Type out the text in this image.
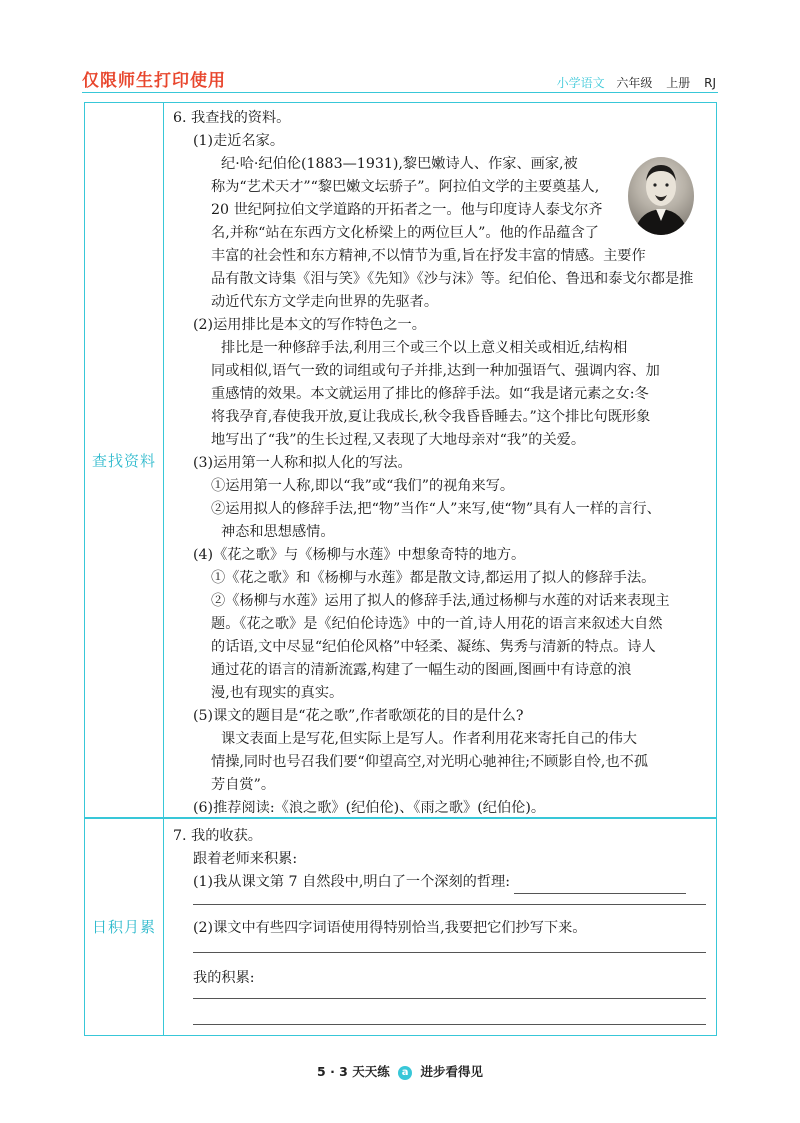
仅限师生打印使用	小学语文 六年级 上册 RJ
查找资料
日积月累
6. 我查找的资料。
(1)走近名家。
纪·哈·纪伯伦(1883—1931),黎巴嫩诗人、作家、画家,被
称为“艺术天才”“黎巴嫩文坛骄子”。阿拉伯文学的主要奠基人,
20 世纪阿拉伯文学道路的开拓者之一。他与印度诗人泰戈尔齐
名,并称“站在东西方文化桥梁上的两位巨人”。他的作品蕴含了
丰富的社会性和东方精神,不以情节为重,旨在抒发丰富的情感。主要作
品有散文诗集《泪与笑》《先知》《沙与沫》等。纪伯伦、鲁迅和泰戈尔都是推
动近代东方文学走向世界的先驱者。
(2)运用排比是本文的写作特色之一。
排比是一种修辞手法,利用三个或三个以上意义相关或相近,结构相
同或相似,语气一致的词组或句子并排,达到一种加强语气、强调内容、加
重感情的效果。本文就运用了排比的修辞手法。如“我是诸元素之女:冬
将我孕育,春使我开放,夏让我成长,秋令我昏昏睡去。”这个排比句既形象
地写出了“我”的生长过程,又表现了大地母亲对“我”的关爱。
(3)运用第一人称和拟人化的写法。
①运用第一人称,即以“我”或“我们”的视角来写。
②运用拟人的修辞手法,把“物”当作“人”来写,使“物”具有人一样的言行、
神态和思想感情。
(4)《花之歌》与《杨柳与水莲》中想象奇特的地方。
①《花之歌》和《杨柳与水莲》都是散文诗,都运用了拟人的修辞手法。
②《杨柳与水莲》运用了拟人的修辞手法,通过杨柳与水莲的对话来表现主
题。《花之歌》是《纪伯伦诗选》中的一首,诗人用花的语言来叙述大自然
的话语,文中尽显“纪伯伦风格”中轻柔、凝练、隽秀与清新的特点。诗人
通过花的语言的清新流露,构建了一幅生动的图画,图画中有诗意的浪
漫,也有现实的真实。
(5)课文的题目是“花之歌”,作者歌颂花的目的是什么?
课文表面上是写花,但实际上是写人。作者利用花来寄托自己的伟大
情操,同时也号召我们要“仰望高空,对光明心驰神往;不顾影自怜,也不孤
芳自赏”。
(6)推荐阅读:《浪之歌》(纪伯伦)、《雨之歌》(纪伯伦)。
7. 我的收获。
跟着老师来积累:
(1)我从课文第 7 自然段中,明白了一个深刻的哲理:
(2)课文中有些四字词语使用得特别恰当,我要把它们抄写下来。
我的积累:
5 · 3 天天练 a 进步看得见
